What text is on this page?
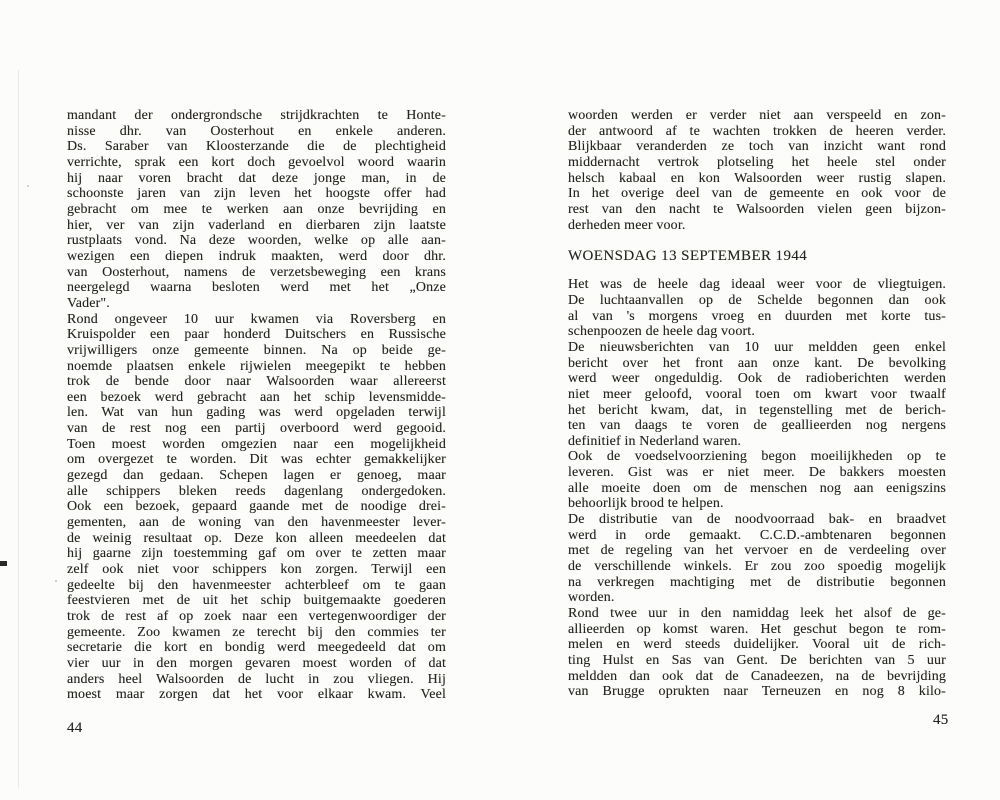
mandant der ondergrondsche strijdkrachten te Honte-
nisse dhr. van Oosterhout en enkele anderen.
Ds. Saraber van Kloosterzande die de plechtigheid
verrichte, sprak een kort doch gevoelvol woord waarin
hij naar voren bracht dat deze jonge man, in de
schoonste jaren van zijn leven het hoogste offer had
gebracht om mee te werken aan onze bevrijding en
hier, ver van zijn vaderland en dierbaren zijn laatste
rustplaats vond. Na deze woorden, welke op alle aan-
wezigen een diepen indruk maakten, werd door dhr.
van Oosterhout, namens de verzetsbeweging een krans
neergelegd waarna besloten werd met het „Onze
Vader".
Rond ongeveer 10 uur kwamen via Roversberg en
Kruispolder een paar honderd Duitschers en Russische
vrijwilligers onze gemeente binnen. Na op beide ge-
noemde plaatsen enkele rijwielen meegepikt te hebben
trok de bende door naar Walsoorden waar allereerst
een bezoek werd gebracht aan het schip levensmidde-
len. Wat van hun gading was werd opgeladen terwijl
van de rest nog een partij overboord werd gegooid.
Toen moest worden omgezien naar een mogelijkheid
om overgezet te worden. Dit was echter gemakkelijker
gezegd dan gedaan. Schepen lagen er genoeg, maar
alle schippers bleken reeds dagenlang ondergedoken.
Ook een bezoek, gepaard gaande met de noodige drei-
gementen, aan de woning van den havenmeester lever-
de weinig resultaat op. Deze kon alleen meedeelen dat
hij gaarne zijn toestemming gaf om over te zetten maar
zelf ook niet voor schippers kon zorgen. Terwijl een
gedeelte bij den havenmeester achterbleef om te gaan
feestvieren met de uit het schip buitgemaakte goederen
trok de rest af op zoek naar een vertegenwoordiger der
gemeente. Zoo kwamen ze terecht bij den commies ter
secretarie die kort en bondig werd meegedeeld dat om
vier uur in den morgen gevaren moest worden of dat
anders heel Walsoorden de lucht in zou vliegen. Hij
moest maar zorgen dat het voor elkaar kwam. Veel
woorden werden er verder niet aan verspeeld en zon-
der antwoord af te wachten trokken de heeren verder.
Blijkbaar veranderden ze toch van inzicht want rond
middernacht vertrok plotseling het heele stel onder
helsch kabaal en kon Walsoorden weer rustig slapen.
In het overige deel van de gemeente en ook voor de
rest van den nacht te Walsoorden vielen geen bijzon-
derheden meer voor.
WOENSDAG 13 SEPTEMBER 1944
Het was de heele dag ideaal weer voor de vliegtuigen.
De luchtaanvallen op de Schelde begonnen dan ook
al van 's morgens vroeg en duurden met korte tus-
schenpoozen de heele dag voort.
De nieuwsberichten van 10 uur meldden geen enkel
bericht over het front aan onze kant. De bevolking
werd weer ongeduldig. Ook de radioberichten werden
niet meer geloofd, vooral toen om kwart voor twaalf
het bericht kwam, dat, in tegenstelling met de berich-
ten van daags te voren de geallieerden nog nergens
definitief in Nederland waren.
Ook de voedselvoorziening begon moeilijkheden op te
leveren. Gist was er niet meer. De bakkers moesten
alle moeite doen om de menschen nog aan eenigszins
behoorlijk brood te helpen.
De distributie van de noodvoorraad bak- en braadvet
werd in orde gemaakt. C.C.D.-ambtenaren begonnen
met de regeling van het vervoer en de verdeeling over
de verschillende winkels. Er zou zoo spoedig mogelijk
na verkregen machtiging met de distributie begonnen
worden.
Rond twee uur in den namiddag leek het alsof de ge-
allieerden op komst waren. Het geschut begon te rom-
melen en werd steeds duidelijker. Vooral uit de rich-
ting Hulst en Sas van Gent. De berichten van 5 uur
meldden dan ook dat de Canadeezen, na de bevrijding
van Brugge oprukten naar Terneuzen en nog 8 kilo-
44	45
